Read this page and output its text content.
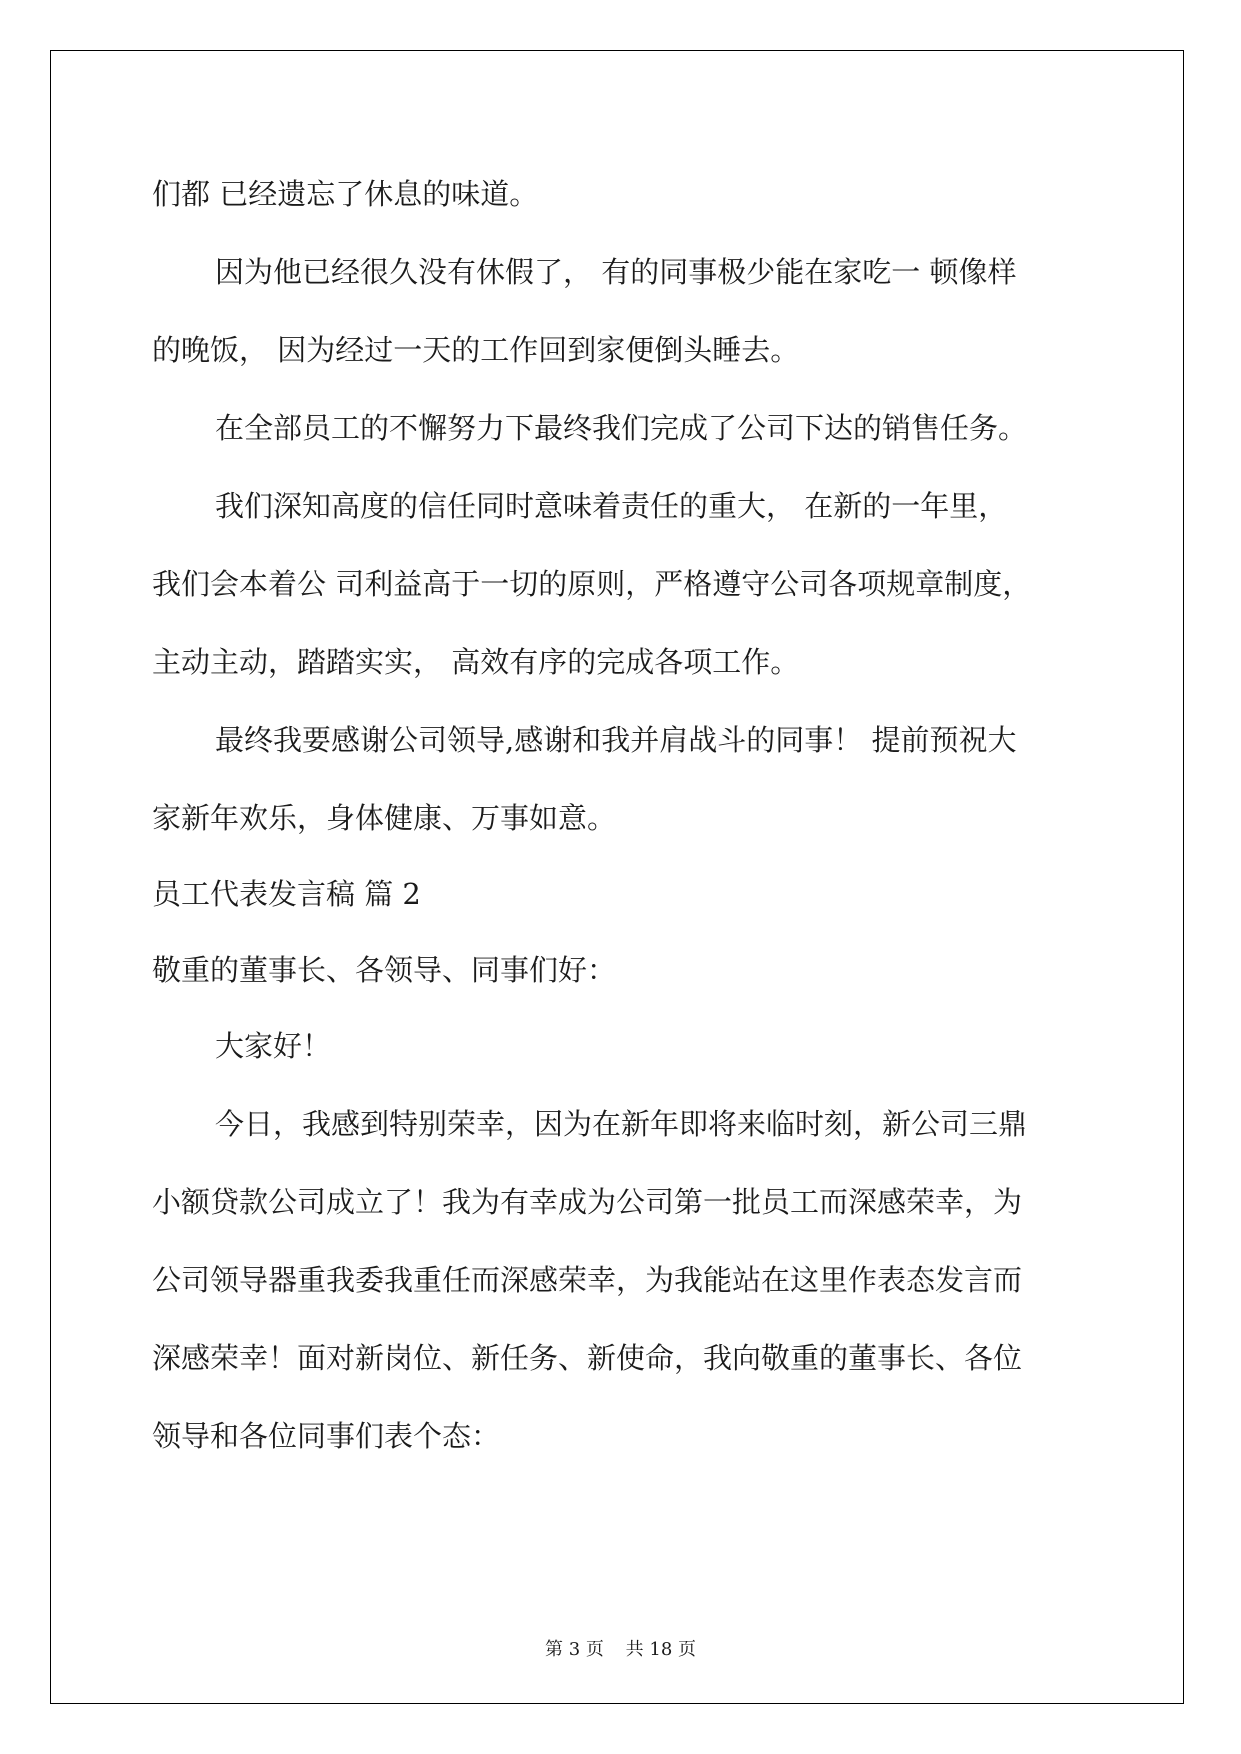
们都 已经遗忘了休息的味道。
因为他已经很久没有休假了， 有的同事极少能在家吃一 顿像样
的晚饭， 因为经过一天的工作回到家便倒头睡去。
在全部员工的不懈努力下最终我们完成了公司下达的销售任务。
我们深知高度的信任同时意味着责任的重大， 在新的一年里，
我们会本着公 司利益高于一切的原则，严格遵守公司各项规章制度，
主动主动，踏踏实实， 高效有序的完成各项工作。
最终我要感谢公司领导,感谢和我并肩战斗的同事！ 提前预祝大
家新年欢乐，身体健康、万事如意。
员工代表发言稿 篇 2
敬重的董事长、各领导、同事们好：
大家好！
今日，我感到特别荣幸，因为在新年即将来临时刻，新公司三鼎
小额贷款公司成立了！我为有幸成为公司第一批员工而深感荣幸，为
公司领导器重我委我重任而深感荣幸，为我能站在这里作表态发言而
深感荣幸！面对新岗位、新任务、新使命，我向敬重的董事长、各位
领导和各位同事们表个态：
第 3 页 共 18 页
